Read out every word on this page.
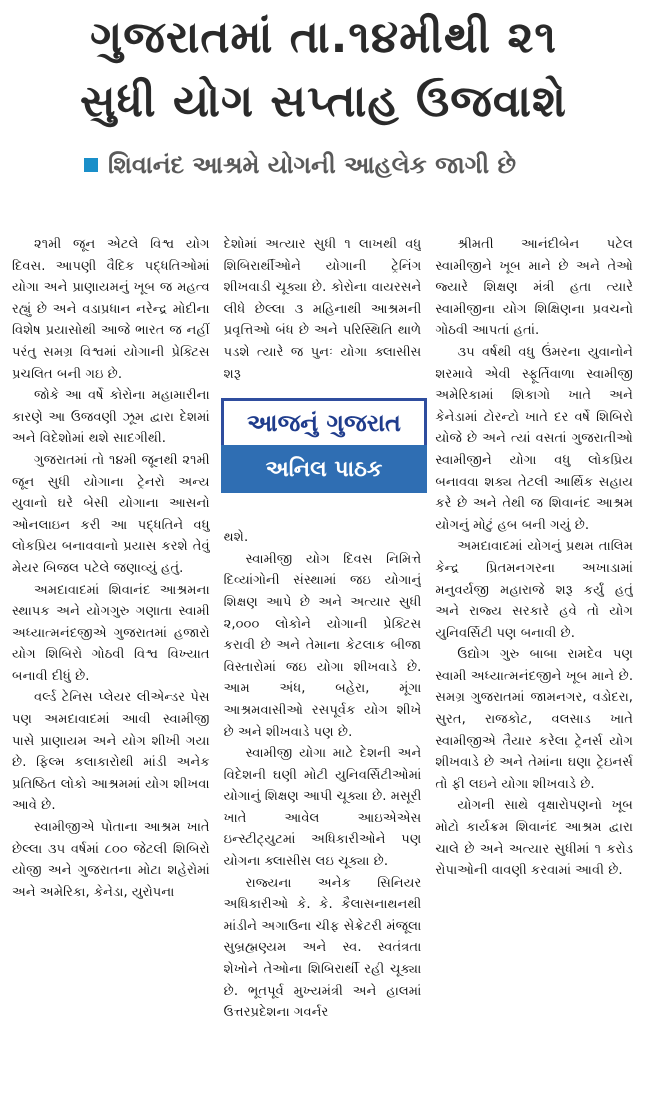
ગુજરાતમાં તા.૧૪મીથી ૨૧
સુધી યોગ સપ્તાહ ઉજવાશે
શિવાનંદ આશ્રમે યોગની આહલેક જાગી છે

૨૧મી જૂન એટલે વિશ્વ યોગ દિવસ. આપણી વૈદિક પદ્ધતિઓમાં યોગા અને પ્રાણાયમનું ખૂબ જ મહત્વ રહ્યું છે અને વડાપ્રધાન નરેન્દ્ર મોદીના વિશેષ પ્રયાસોથી આજે ભારત જ નહીં પરંતુ સમગ્ર વિશ્વમાં યોગાની પ્રેક્ટિસ પ્રચલિત બની ગઇ છે.

જોકે આ વર્ષે કોરોના મહામારીના કારણે આ ઉજવણી ઝૂમ દ્વારા દેશમાં અને વિદેશોમાં થશે સાદગીથી.

ગુજરાતમાં તો ૧૪મી જૂનથી ૨૧મી જૂન સુધી યોગાના ટ્રેનરો અન્ય યુવાનો ઘરે બેસી યોગાના આસનો ઓનલાઇન કરી આ પદ્ધતિને વધુ લોકપ્રિય બનાવવાનો પ્રયાસ કરશે તેવું મેયર બિજલ પટેલે જણાવ્યું હતું.

અમદાવાદમાં શિવાનંદ આશ્રમના સ્થાપક અને યોગગુરુ ગણાતા સ્વામી અધ્યાત્મનંદજીએ ગુજરાતમાં હજારો યોગ શિબિરો ગોઠવી વિશ્વ વિખ્યાત બનાવી દીધું છે.

વર્લ્ડ ટેનિસ પ્લેયર લીએન્ડર પેસ પણ અમદાવાદમાં આવી સ્વામીજી પાસે પ્રાણાયમ અને યોગ શીખી ગયા છે. ફિલ્મ કલાકારોથી માંડી અનેક પ્રતિષ્ઠિત લોકો આશ્રમમાં યોગ શીખવા આવે છે.

સ્વામીજીએ પોતાના આશ્રમ ખાતે છેલ્લા ૩૫ વર્ષમાં ૮૦૦ જેટલી શિબિરો યોજી અને ગુજરાતના મોટા શહેરોમાં અને અમેરિકા, કેનેડા, યુરોપના

દેશોમાં અત્યાર સુધી ૧ લાખથી વધુ શિબિરાર્થીઓને યોગાની ટ્રેનિંગ શીખવાડી ચૂક્યા છે. કોરોના વાયરસને લીધે છેલ્લા ૩ મહિનાથી આશ્રમની પ્રવૃત્તિઓ બંધ છે અને પરિસ્થિતિ થાળે પડશે ત્યારે જ પુનઃ યોગા ક્લાસીસ શરૂ

થશે.

સ્વામીજી યોગ દિવસ નિમિત્તે દિવ્યાંગોની સંસ્થામાં જઇ યોગાનું શિક્ષણ આપે છે અને અત્યાર સુધી ૨,૦૦૦ લોકોને યોગાની પ્રેક્ટિસ કરાવી છે અને તેમાના કેટલાક બીજા વિસ્તારોમાં જઇ યોગા શીખવાડે છે. આમ અંધ, બહેરા, મૂંગા આશ્રમવાસીઓ રસપૂર્વક યોગ શીખે છે અને શીખવાડે પણ છે.

સ્વામીજી યોગા માટે દેશની અને વિદેશની ઘણી મોટી યુનિવર્સિટીઓમાં યોગાનું શિક્ષણ આપી ચૂક્યા છે. મસૂરી ખાતે આવેલ આઇએએસ ઇન્સ્ટીટ્યુટમાં અધિકારીઓને પણ યોગના ક્લાસીસ લઇ ચૂક્યા છે.

રાજ્યના અનેક સિનિયર અધિકારીઓ કે. કે. કૈલાસનાથનથી માંડીને અગાઉના ચીફ સેક્રેટરી મંજૂલા સુબ્રહ્મણ્યમ અને સ્વ. સ્વતંત્રતા શેખોને તેઓના શિબિરાર્થી રહી ચૂક્યા છે. ભૂતપૂર્વ મુખ્યમંત્રી અને હાલમાં ઉત્તરપ્રદેશના ગવર્નર

શ્રીમતી આનંદીબેન પટેલ સ્વામીજીને ખૂબ માને છે અને તેઓ જ્યારે શિક્ષણ મંત્રી હતા ત્યારે સ્વામીજીના યોગ શિક્ષિણના પ્રવચનો ગોઠવી આપતાં હતાં.

૩૫ વર્ષથી વધુ ઉંમરના યુવાનોને શરમાવે એવી સ્ફૂર્તિવાળા સ્વામીજી અમેરિકામાં શિકાગો ખાતે અને કેનેડામાં ટોરન્ટો ખાતે દર વર્ષે શિબિરો યોજે છે અને ત્યાં વસતાં ગુજરાતીઓ સ્વામીજીને યોગા વધુ લોકપ્રિય બનાવવા શક્ય તેટલી આર્થિક સહાય કરે છે અને તેથી જ શિવાનંદ આશ્રમ યોગનું મોટું હબ બની ગયું છે.

અમદાવાદમાં યોગનું પ્રથમ તાલિમ કેન્દ્ર પ્રિતમનગરના અખાડામાં મનુવર્યજી મહારાજે શરૂ કર્યું હતું અને રાજ્ય સરકારે હવે તો યોગ યુનિવર્સિટી પણ બનાવી છે.

ઉદ્યોગ ગુરુ બાબા રામદેવ પણ સ્વામી અધ્યાત્મનંદજીને ખૂબ માને છે. સમગ્ર ગુજરાતમાં જામનગર, વડોદરા, સુરત, રાજકોટ, વલસાડ ખાતે સ્વામીજીએ તૈયાર કરેલા ટ્રેનર્સ યોગ શીખવાડે છે અને તેમાંના ઘણા ટ્રેઇનર્સ તો ફી લઇને યોગા શીખવાડે છે.

યોગની સાથે વૃક્ષારોપણનો ખૂબ મોટો કાર્યક્રમ શિવાનંદ આશ્રમ દ્વારા ચાલે છે અને અત્યાર સુધીમાં ૧ કરોડ રોપાઓની વાવણી કરવામાં આવી છે.

આજનું ગુજરાત
અનિલ પાઠક
